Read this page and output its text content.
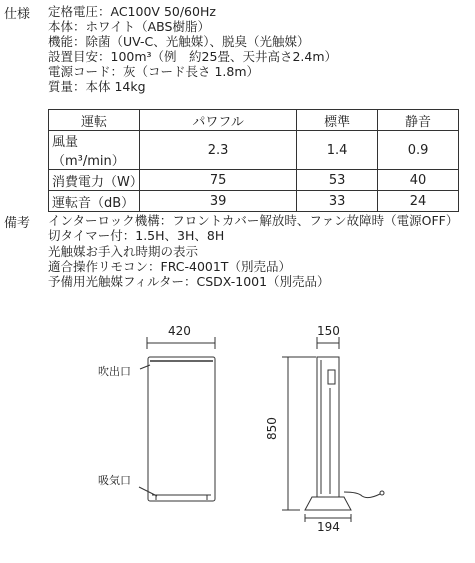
仕様 定格電圧：AC100V 50/60Hz
本体：ホワイト（ABS樹脂）
機能：除菌（UV-C、光触媒）、脱臭（光触媒）
設置目安：100m³（例　約25畳、天井高さ2.4m）
電源コード：灰（コード長さ 1.8m）
質量：本体 14kg
運転	パワフル	標準	静音
風量（m³/min）	2.3	1.4	0.9
消費電力（W）	75	53	40
運転音（dB）	39	33	24
備考 インターロック機構：フロントカバー解放時、ファン故障時（電源OFF）
切タイマー付：1.5H、3H、8H
光触媒お手入れ時期の表示
適合操作リモコン：FRC-4001T（別売品）
予備用光触媒フィルター：CSDX-1001（別売品）
420
吹出口
吸気口
150
850
194
